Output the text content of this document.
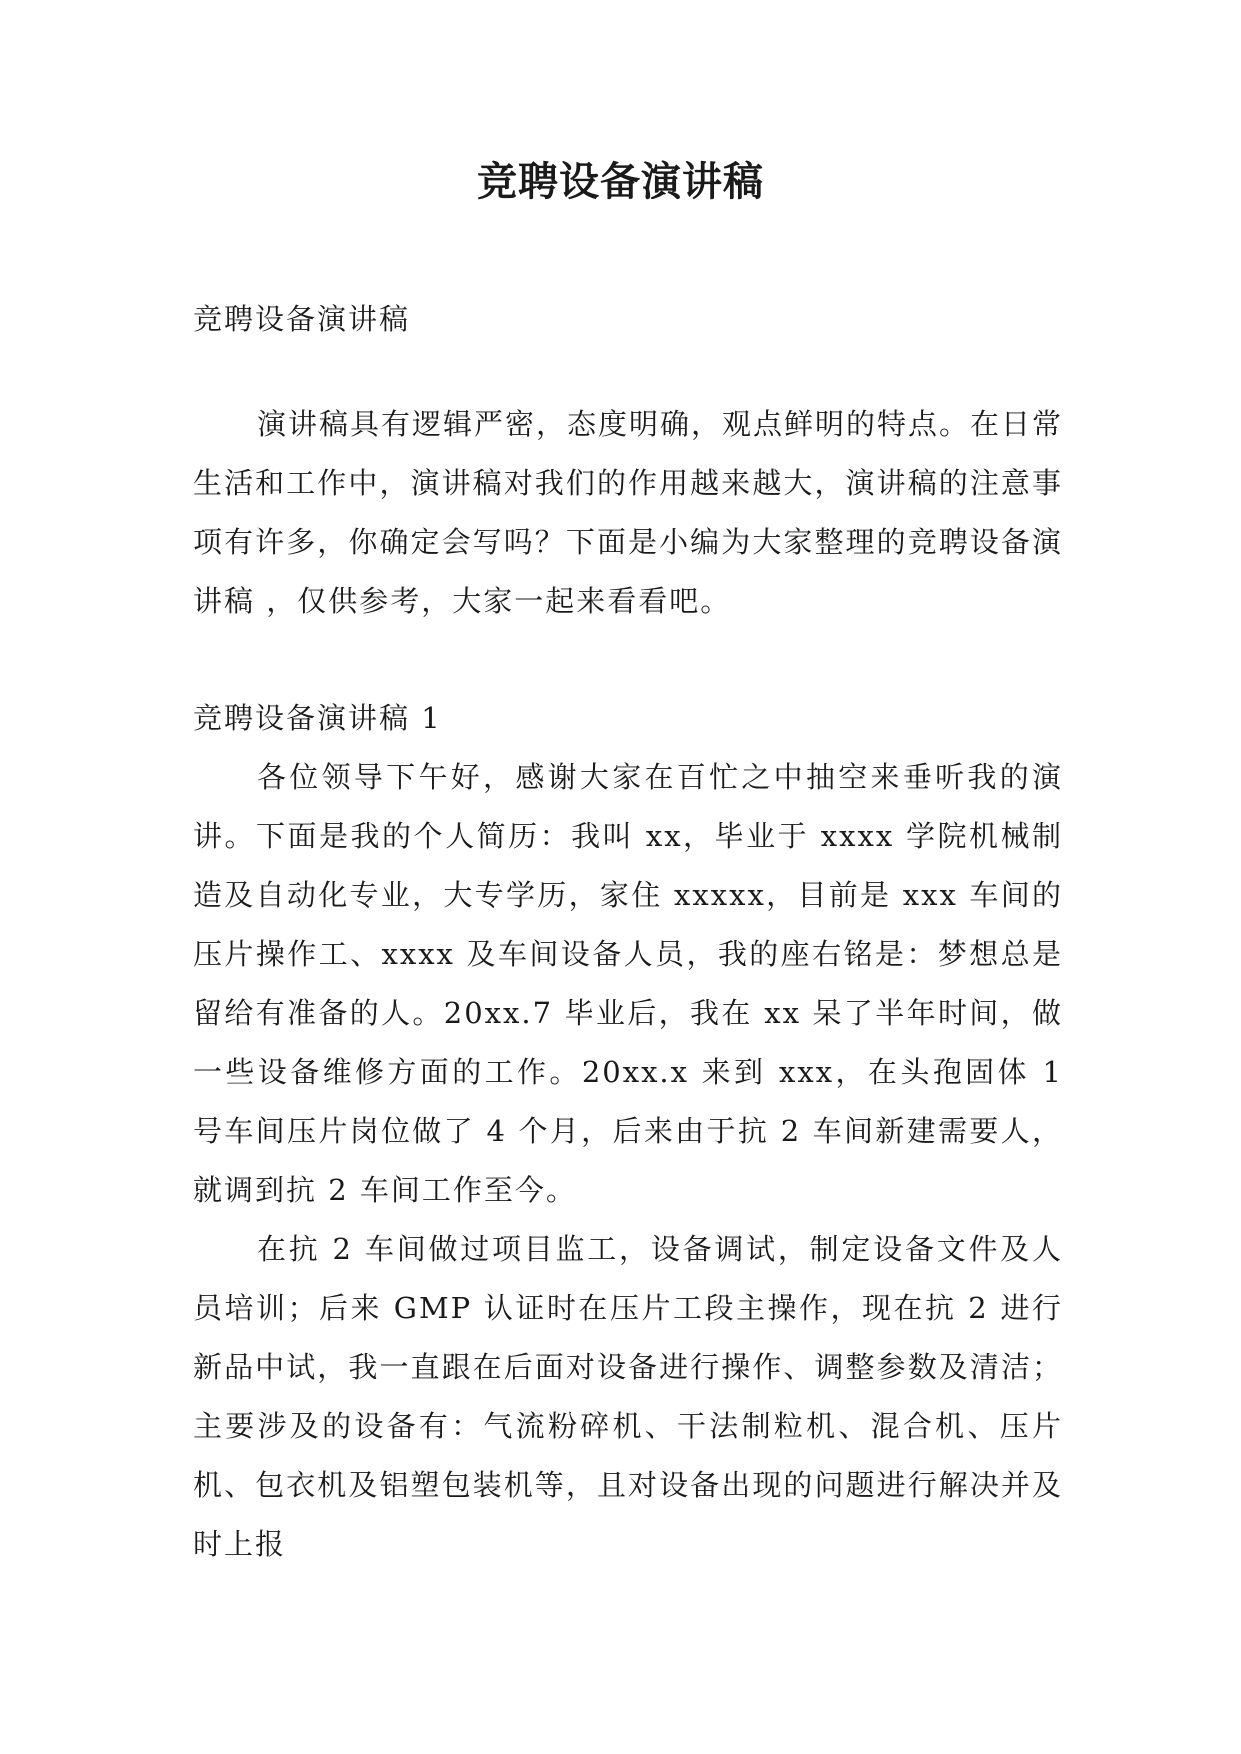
竞聘设备演讲稿

竞聘设备演讲稿

演讲稿具有逻辑严密，态度明确，观点鲜明的特点。在日常生活和工作中，演讲稿对我们的作用越来越大，演讲稿的注意事项有许多，你确定会写吗？下面是小编为大家整理的竞聘设备演讲稿 ，仅供参考，大家一起来看看吧。

竞聘设备演讲稿 1

各位领导下午好，感谢大家在百忙之中抽空来垂听我的演讲。下面是我的个人简历：我叫 xx，毕业于 xxxx 学院机械制造及自动化专业，大专学历，家住 xxxxx，目前是 xxx 车间的压片操作工、xxxx 及车间设备人员，我的座右铭是：梦想总是留给有准备的人。20xx.7 毕业后，我在 xx 呆了半年时间，做一些设备维修方面的工作。20xx.x 来到 xxx，在头孢固体 1 号车间压片岗位做了 4 个月，后来由于抗 2 车间新建需要人，就调到抗 2 车间工作至今。

在抗 2 车间做过项目监工，设备调试，制定设备文件及人员培训；后来 GMP 认证时在压片工段主操作，现在抗 2 进行新品中试，我一直跟在后面对设备进行操作、调整参数及清洁；主要涉及的设备有：气流粉碎机、干法制粒机、混合机、压片机、包衣机及铝塑包装机等，且对设备出现的问题进行解决并及时上报
